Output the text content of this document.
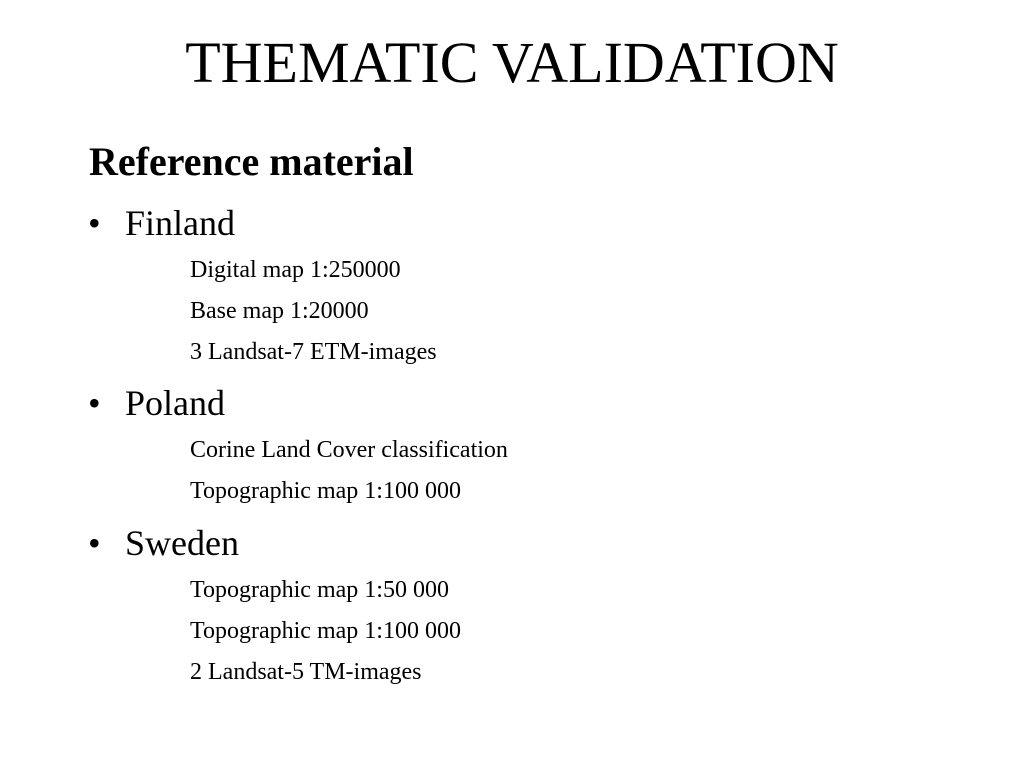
THEMATIC VALIDATION
Reference material
• Finland
Digital map 1:250000
Base map 1:20000
3 Landsat-7 ETM-images
• Poland
Corine Land Cover classification
Topographic map 1:100 000
• Sweden
Topographic map 1:50 000
Topographic map 1:100 000
2 Landsat-5 TM-images
